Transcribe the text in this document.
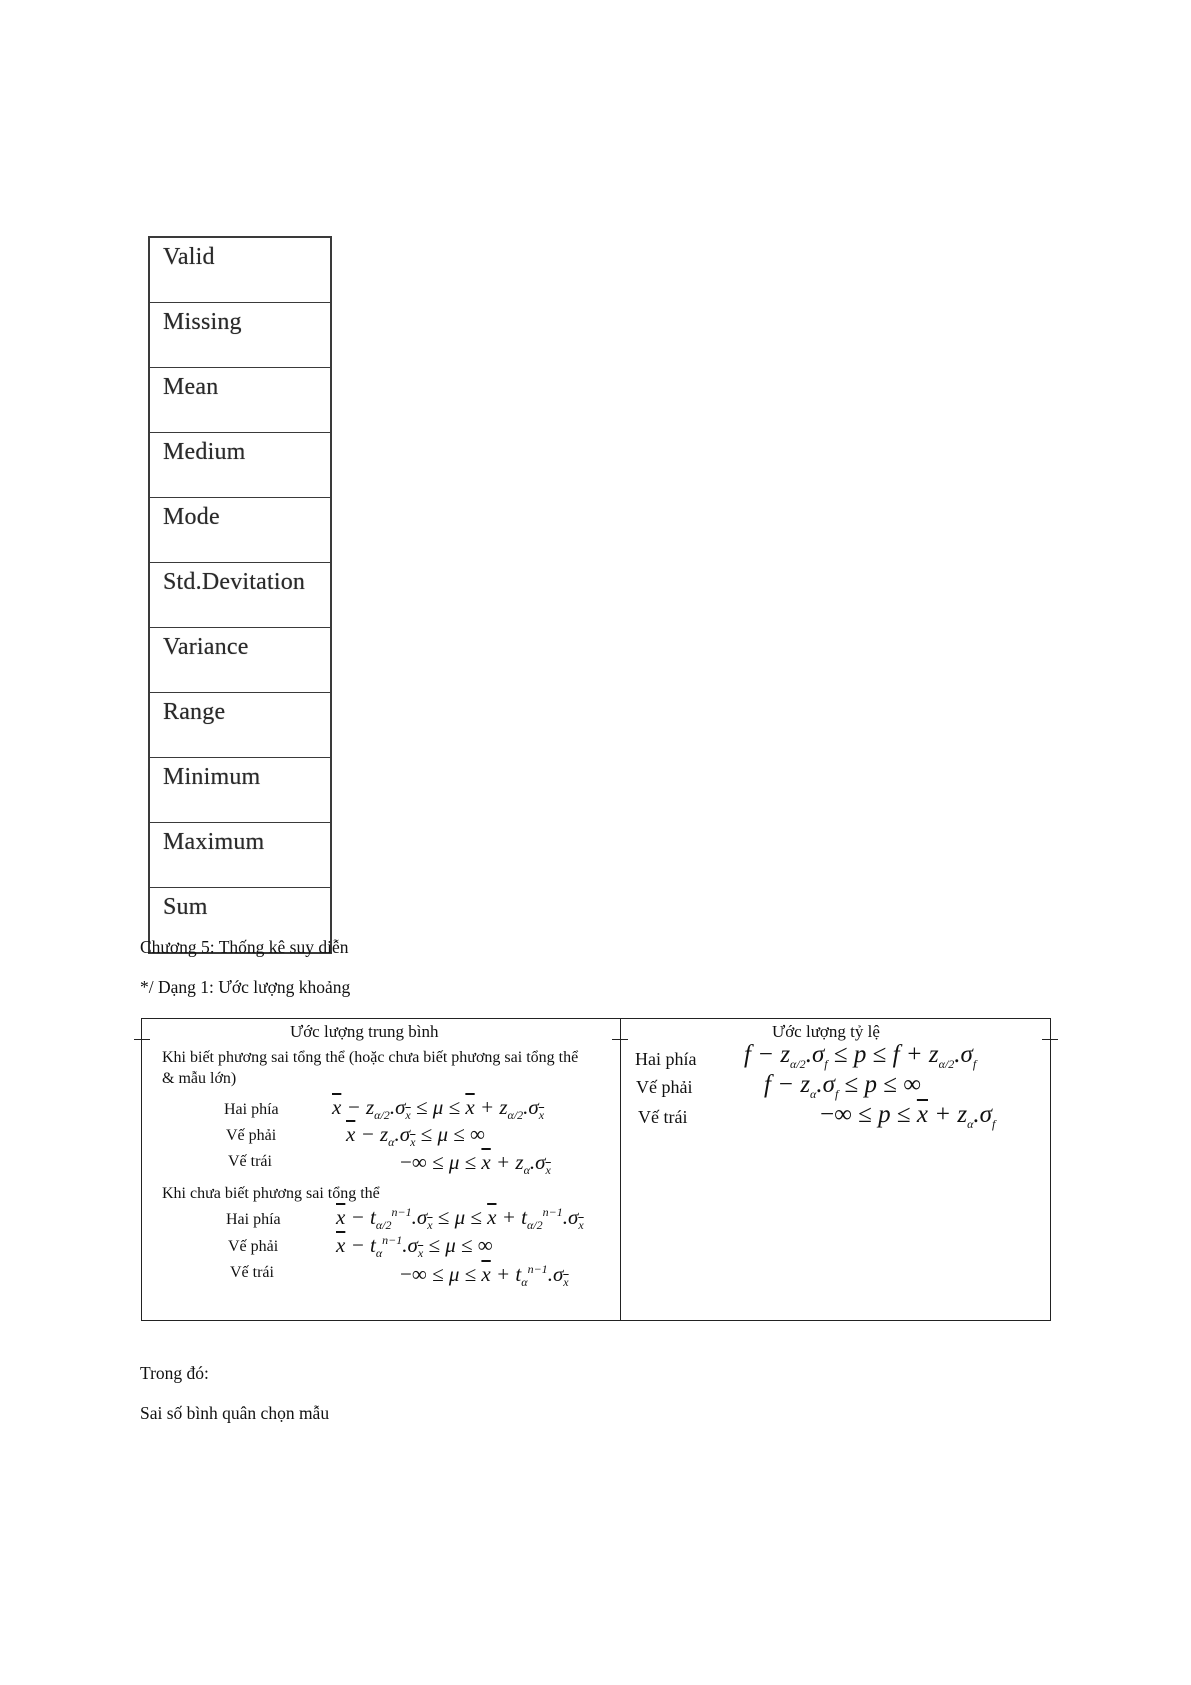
Valid
Missing
Mean
Medium
Mode
Std.Devitation
Variance
Range
Minimum
Maximum
Sum
Chương 5: Thống kê suy diễn
*/ Dạng 1: Ước lượng khoảng
Ước lượng trung bình
Khi biết phương sai tổng thể (hoặc chưa biết phương sai tổng thể & mẫu lớn)
Hai phía	$\overline{x} - z_{\alpha/2}.\sigma_{\overline{x}} \le \mu \le \overline{x} + z_{\alpha/2}.\sigma_{\overline{x}}$
Vế phải	$\overline{x} - z_\alpha.\sigma_{\overline{x}} \le \mu$ ≤ ∞
Vế trái	−∞ ≤ $\mu \le \overline{x} + z_\alpha.\sigma_{\overline{x}}$
Khi chưa biết phương sai tổng thể
Hai phía	$\overline{x} - t_{\alpha/2}^{n-1}.\sigma_{\overline{x}} \le \mu \le \overline{x} + t_{\alpha/2}^{n-1}.\sigma_{\overline{x}}$
Vế phải	$\overline{x} - t_\alpha^{n-1}.\sigma_{\overline{x}} \le \mu$ ≤ ∞
Vế trái	−∞ ≤ $\mu \le \overline{x} + t_\alpha^{n-1}.\sigma_{\overline{x}}$
Ước lượng tỷ lệ
Hai phía $f - z_{\alpha/2}.\sigma_f \le p \le f + z_{\alpha/2}.\sigma_f$
Vế phải	$f - z_\alpha.\sigma_f \le p$ ≤ ∞
Vế trái	−∞ ≤ $p \le \overline{x} + z_\alpha.\sigma_f$
Trong đó:
Sai số bình quân chọn mẫu
